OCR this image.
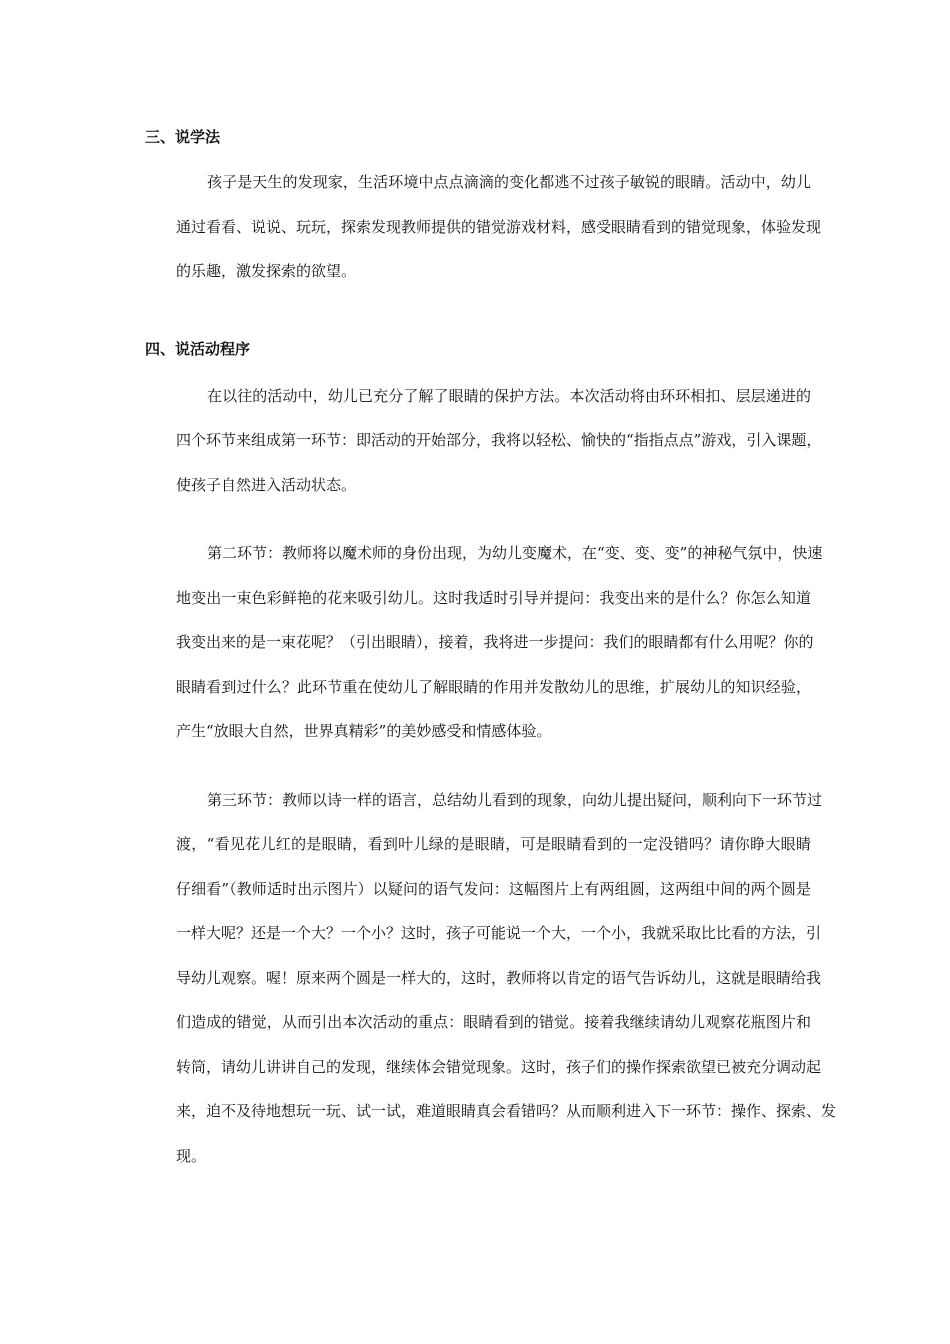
三、说学法

孩子是天生的发现家，生活环境中点点滴滴的变化都逃不过孩子敏锐的眼睛。活动中，幼儿
通过看看、说说、玩玩，探索发现教师提供的错觉游戏材料，感受眼睛看到的错觉现象，体验发现
的乐趣，激发探索的欲望。

四、说活动程序

在以往的活动中，幼儿已充分了解了眼睛的保护方法。本次活动将由环环相扣、层层递进的
四个环节来组成第一环节：即活动的开始部分，我将以轻松、愉快的“指指点点”游戏，引入课题，
使孩子自然进入活动状态。
第二环节：教师将以魔术师的身份出现，为幼儿变魔术，在“变、变、变”的神秘气氛中，快速
地变出一束色彩鲜艳的花来吸引幼儿。这时我适时引导并提问：我变出来的是什么？你怎么知道
我变出来的是一束花呢？（引出眼睛），接着，我将进一步提问：我们的眼睛都有什么用呢？你的
眼睛看到过什么？此环节重在使幼儿了解眼睛的作用并发散幼儿的思维，扩展幼儿的知识经验，
产生“放眼大自然，世界真精彩”的美妙感受和情感体验。
第三环节：教师以诗一样的语言，总结幼儿看到的现象，向幼儿提出疑问，顺利向下一环节过
渡，“看见花儿红的是眼睛，看到叶儿绿的是眼睛，可是眼睛看到的一定没错吗？请你睁大眼睛
仔细看”（教师适时出示图片）以疑问的语气发问：这幅图片上有两组圆，这两组中间的两个圆是
一样大呢？还是一个大？一个小？这时，孩子可能说一个大，一个小，我就采取比比看的方法，引
导幼儿观察。喔！原来两个圆是一样大的，这时，教师将以肯定的语气告诉幼儿，这就是眼睛给我
们造成的错觉，从而引出本次活动的重点：眼睛看到的错觉。接着我继续请幼儿观察花瓶图片和
转筒，请幼儿讲讲自己的发现，继续体会错觉现象。这时，孩子们的操作探索欲望已被充分调动起
来，迫不及待地想玩一玩、试一试，难道眼睛真会看错吗？从而顺利进入下一环节：操作、探索、发
现。
